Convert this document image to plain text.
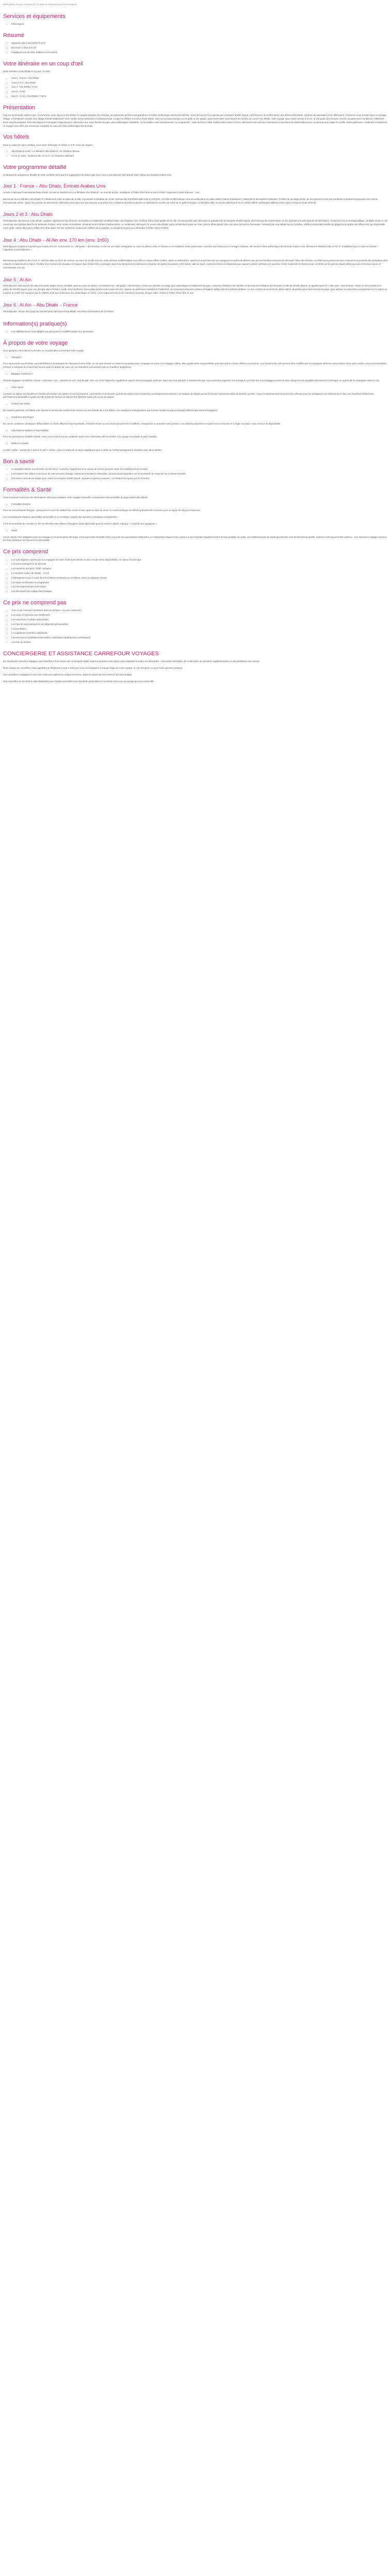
Description Ce prix comprend / Ce prix ne comprend pas Conciergerie
Services et équipements
• Conciergerie
Résumé
• Séjourner dans des hôtels 4* et 5*
• Découvrir 4 lieux d'Al Ain
• S'appliquer par de votre tradition et innovation
Votre itinéraire en un coup d'œil

Votre itinéraire à Abu Dhabi en 6 jours / 5 nuits :

• Jour 1 : France / Abu Dhabi
• Jours 2 et 3 : Abu Dhabi
• Jour 4 : Abu Dhabi / Al Ain
• Jour 5 : Al Ain
• Jour 6 : Al Ain / Abu Dhabi / France
Présentation

Cap sur les Émirats Arabes Unis ! Commencez votre séjour à Abu Dhabi, la capitale élégante des Émirats, au patrimoine architectural grandiose et culture authentique intimement ancrée. Vous découvrirez la majestueuse mosquée Sheikh Zayed, chef-d'œuvre de marbre blanc aux dômes étincelants, symbole de spiritualité et de raffinement. Promenez-vous ensuite dans le Heritage Village, reconstitution vivante d'un village émirati traditionnel, entre souks, tentes bédouines et artisanat local. Longez la célèbre Corniche d'Abu Dhabi, avec sa vue panoramique sur le golfe et ses plages, puis émerveillez-vous devant les trésors du Louvre Abu Dhabi. Votre voyage vous mène ensuite à Al Ain, la cité-jardin des Émirats, inscrite au patrimoine mondial de l'UNESCO. Entre oasis luxuriantes, forts historiques et montagnes majestueuses, découvrez une autre facette du pays, plus authentique et paisible, où la tradition reste omniprésente. Au programme : visite du fort Al Jahili, balade dans l'oasis d'Al Ain, découverte du souk aux chameaux et ascension du Jebel Hafeet pour un panorama à couper le souffle. Entre patrimoine, modernité et traditions, ce voyage vous offre une immersion complète au cœur de l'âme authentique des Émirats.

Vos hôtels

Dans le cadre de votre combiné, vous serez hébergés en hôtels 4* et 5* selon les étapes :

• Abu Dhabi (3 nuits) : Le Méridien Abu Dhabi 4*, en Chambre Deluxe
• Al Ain (2 nuits) : Radisson Blu Al Ain 4*, en Chambre Standard
Votre programme détaillé

Ci-dessous le programme détaillé de votre combiné ainsi que les suggestions de visites que nous vous conseillons de faire durant votre séjour aux Émirats Arabes Unis.

Jour 1 : France – Abu Dhabi, Émirats Arabes Unis

Arrivée à l'aéroport international d'Abu Dhabi. Accueil et transfert vers Le Méridien Abu Dhabi 4*, au nord de la ville. Installation à l'hôtel, dîner libre et nuit à l'hôtel. Logement et petit-déjeuner : nuit.

Bienvenue au Le Méridien Abu Dhabi 4* ! Idéalement situé au cœur de la ville, à proximité immédiate du centre commercial Abu Dhabi Mall et de la Corniche, cet hôtel emblématique vous accueille dans un cadre alliant charme traditionnel, modernité et atmosphère balnéaire. Profitez de sa plage privée, de ses piscines et de ses nombreux restaurants proposant une cuisine internationale variée. Après une journée de découverte, détendez-vous dans son spa luxueux ou profitez d'un cocktail au bord de la piscine en admirant le coucher de soleil sur le golfe Persique. Le Méridien offre un service attentionné et un confort raffiné, parfait pour débuter votre séjour émirati en toute sérénité.

Jours 2 et 3 : Abu Dhabi

Petit-déjeuner. Bienvenue à Abu Dhabi, capitale majestueuse des Émirats, où tradition et modernité cohabitent avec une élégance rare. Profitez d'une visite guidée de la ville, incontournable pour découvrir la grandeur de la mosquée Sheikh Zayed, chef-d'œuvre de marbre blanc et d'or pouvant accueillir plus de 40 000 fidèles. Continuez vers le Heritage Village, véritable musée à ciel ouvert qui vous plonge dans la vie bédouine d'antan, entre souks reconstitués, artisanat local et tentes traditionnelles. Le lendemain, découvrez le Louvre Abu Dhabi, joyau architectural posé sur l'eau, dont le dôme ajouré crée une pluie de lumière fascinante. Terminez par une balade sur la Corniche, célèbre promenade bordée de plages et de gratte-ciel offrant une vue imprenable sur le golfe. Soirée libre pour profiter d'un dîner dans l'un des nombreux restaurants raffinés de la capitale, ou simplement pour vous détendre à l'hôtel. Nuits à l'hôtel.

Jour 4 : Abu Dhabi – Al Ain env. 170 km (env. 1h50)

Petit-déjeuner matinal et transfert pour l'oasis d'Al Ain. Surnommée la « cité-jardin » des Émirats, Al Ain est une oasis verdoyante au cœur du désert, riche en histoire et en traditions. Entre palmeraies, marchés aux chameaux et vestiges culturels, elle incarne l'âme authentique des Émirats Arabes Unis. Direction le Radisson Blu Al Ain 4*. Installation pour 2 nuits en formule « Logement et petit-déjeuner ».

Bienvenue au Radisson Blu Al Ain 4* ! Nichée dans un écrin de verdure, au cœur de la ville d'Al Ain, cette adresse emblématique vous offre un séjour alliant confort, calme et authenticité. Appréciez aussi bien par ses voyageurs en quête de détente que par les familles curieuses de découvrir l'âme des Émirats, cet hôtel vous permet de vous ressourcer à proximité des principaux sites culturels et naturels de la région. Profitez d'un moment de relaxation à l'espace Spa et bien-être ou plongez dans l'une des piscines extérieures entourées de jardins luxuriants. Côté loisirs, salle de sport, courts de tennis et restaurants aux saveurs variées rythment vos journées. Entre modernité et charme local, cet hôtel est le point de départ idéal pour une immersion douce et enrichissante à Al Ain.

Jour 5 : Al Ain

Petit-déjeuner. Découverte de cette étonnante étape, Al Ain, véritable oasis au cœur du désert. Surnommée la « cité-jardin » des Émirats, Al Ain vous dévoile un visage plus authentique et traditionnel du pays. Ancienne résidence des familles et berceau du fondateur des Émirats, la ville de Cheikh Zayed, on appelle aussi la « ville verte » des Émirats. Visitez le fort Al Jahili ou le palais de Sheikh Zayed, pour une plongée dans l'histoire royale. Vous profiterez d'une plage privée et de l'oasis d'Al Ain, classée au patrimoine mondial de l'UNESCO, où serpentent d'anciens canaux d'irrigation (aflaj) entre les palmiers-dattiers. Le soir, montez au sommet du Jebel Hafeet, deuxième plus haut sommet du pays, pour admirer un panorama exceptionnel sur la région au coucher du soleil. Ne manquez pas le célèbre souk aux chameaux, lieu authentique et coloré, où se négocient encore de nombreux animaux chaque matin. Retour à l'hôtel. Dîner libre et nuit.

Jour 6 : Al Ain – Abu Dhabi – France

Petit-déjeuner. Temps libre jusqu'au transfert pour l'aéroport d'Abu Dhabi. Vol retour à destination de la France.

Information(s) pratique(s)
• Les établissements sont adaptés aux personnes à mobilité réduite (sur demande).
À propos de votre voyage

Voici quelques informations à prendre en considération concernant votre voyage.

• Transport :

Pour vous rendre aux Émirats, vous bénéficierez du transport de l'aéroport à votre hôtel. Le vol sera réservé en classe économique avec 1 bagage en soute et un bagage cabine. Des suppléments sont possibles pour des vols en classe affaires ou premium. Les horaires des vols peuvent être modifiés par la compagnie aérienne sans préavis. Pour votre confort, nous recommandons d'arriver à l'aéroport au moins trois heures avant le départ de votre vol. Les transferts sont assurés par un chauffeur anglophone.

• Bagages • spécieux •

Certains bagages considérés comme « spécieux » (ex. : planche de surf, club de golf, vélo, etc.) font l'objet d'un supplément auprès de la compagnie aérienne. Merci de nous prévenir à l'avance afin que nous puissions organiser leur transport. Les frais liés à ces bagages restent à votre charge et sont payables directement à l'aéroport ou auprès de la compagnie selon le cas.

• Votre séjour

La durée du séjour est calculée en fonction du nombre de nuitées et non de journées. La première et la dernière journée de séjour sont consacrées au transport international. Les horaires de départ peuvent écourter la première et/ou la dernière journée. Aucun remboursement ne pourra être effectué pour les prestations non utilisées de ce fait. Les chambres d'hôtel sont généralement disponibles à partir de 15h le jour de l'arrivée et doivent être libérées avant 12h le jour du départ.

• Contact des hôtels

De manière générale, les hôtels sont classés en termes de confort et de service sur une échelle de 1 à 5 étoiles. Les catégories correspondent aux normes locales du pays et peuvent différer des normes françaises.

• Conditions spécifiques

En cas de conditions climatiques défavorables ou d'une affluence trop importante, certaines visites ou excursions peuvent être modifiées, remplacées ou annulées sans préavis. Les activités proposées en option sont à réserver et à régler sur place, sous réserve de disponibilité.

• Informations relatives à l'accessibilité

Pour les personnes à mobilité réduite, nous vous invitons à nous contacter avant votre réservation afin de vérifier si le voyage est adapté à votre situation.

• Bébés et enfants

Le tarif « bébé » (moins de 2 ans) et le tarif « enfant » (de 2 à moins de 12 ans) s'appliquent pour le bébé ou l'enfant partageant la chambre avec deux adultes.

Bon à savoir
• Le standard hôtelier aux Émirats est très élevé ; toutefois, l'apparence et le niveau de service peuvent varier d'un établissement à l'autre.
• Les horaires des visites et des lieux de culte peuvent changer, notamment pendant le Ramadan, période durant laquelle il est recommandé de respecter les coutumes locales.
• Une tenue correcte est exigée pour visiter la mosquée Sheikh Zayed : épaules et genoux couverts ; un foulard est requis pour les femmes.
Formalités & Santé

Vous trouverez ci-dessous les informations utiles pour préparer votre voyage et prendre connaissance des actualités du pays avant votre départ.

• Formalités d'entrée

Pour les ressortissants français : passeport en cours de validité d'au moins 6 mois après la date de retour. Le visa touristique est délivré gratuitement à l'arrivée pour un séjour de 30 jours maximum.

Les ressortissants d'autres nationalités sont invités à se renseigner auprès des autorités consulaires compétentes.

Il est recommandé de consulter le site du Ministère des Affaires étrangères (www.diplomatie.gouv.fr) avant le départ, rubrique « Conseils aux voyageurs ».

• Santé

Aucun vaccin n'est obligatoire pour les voyageurs en provenance d'Europe. Il est cependant conseillé d'être à jour de ses vaccinations habituelles. Le climat étant chaud et sec, pensez à vous hydrater régulièrement et à vous protéger du soleil. Les établissements de santé aux Émirats sont de très bonne qualité, mais les soins peuvent être onéreux ; une assurance voyage couvrant les frais médicaux est vivement recommandée.

Ce prix comprend
• Les vols réguliers, opérés par la compagnie de votre choix (vols directs ou avec escale selon disponibilité), en classe économique
• Les taxes d'aéroport et de sécurité
• Les transferts aéroport / hôtel / aéroport
• Le transfert routier Abu Dhabi – Al Ain
• L'hébergement pour 5 nuits dans les hôtels mentionnés ou similaires, selon la catégorie choisie
• Les repas mentionnés au programme
• La conciergerie durant votre séjour
• Les documents de voyage électroniques
Ce prix ne comprend pas
• Tout ce qui n'est pas mentionné dans la rubrique « Ce prix comprend »
• Les repas et boissons non mentionnés
• Les excursions et visites optionnelles
• Les frais de visa éventuels et les dépenses personnelles
• Les pourboires
• Le supplément chambre individuelle
• Les assurances facultatives (annulation, assistance rapatriement, multirisques)
• Les frais de dossier
CONCIERGERIE ET ASSISTANCE CARREFOUR VOYAGES

En choisissant Carrefour Voyages, vous bénéficiez d'un service de conciergerie dédié, avant et pendant votre séjour, pour répondre à toutes vos demandes : réservation d'activités, de restaurants, de transferts supplémentaires ou de prestations sur mesure.

Notre équipe de conseillers reste joignable par téléphone ou par e-mail pour vous accompagner à chaque étape de votre voyage, en cas d'imprévu ou pour toute question pratique.

Vos conseillers s'engagent à vous faire vivre une expérience unique et sereine, dans le respect de vos envies et de votre budget.

Nos conseillers se tiennent à votre disposition pour étudier ensemble toute demande particulière et construire avec vous le voyage qui vous ressemble.
